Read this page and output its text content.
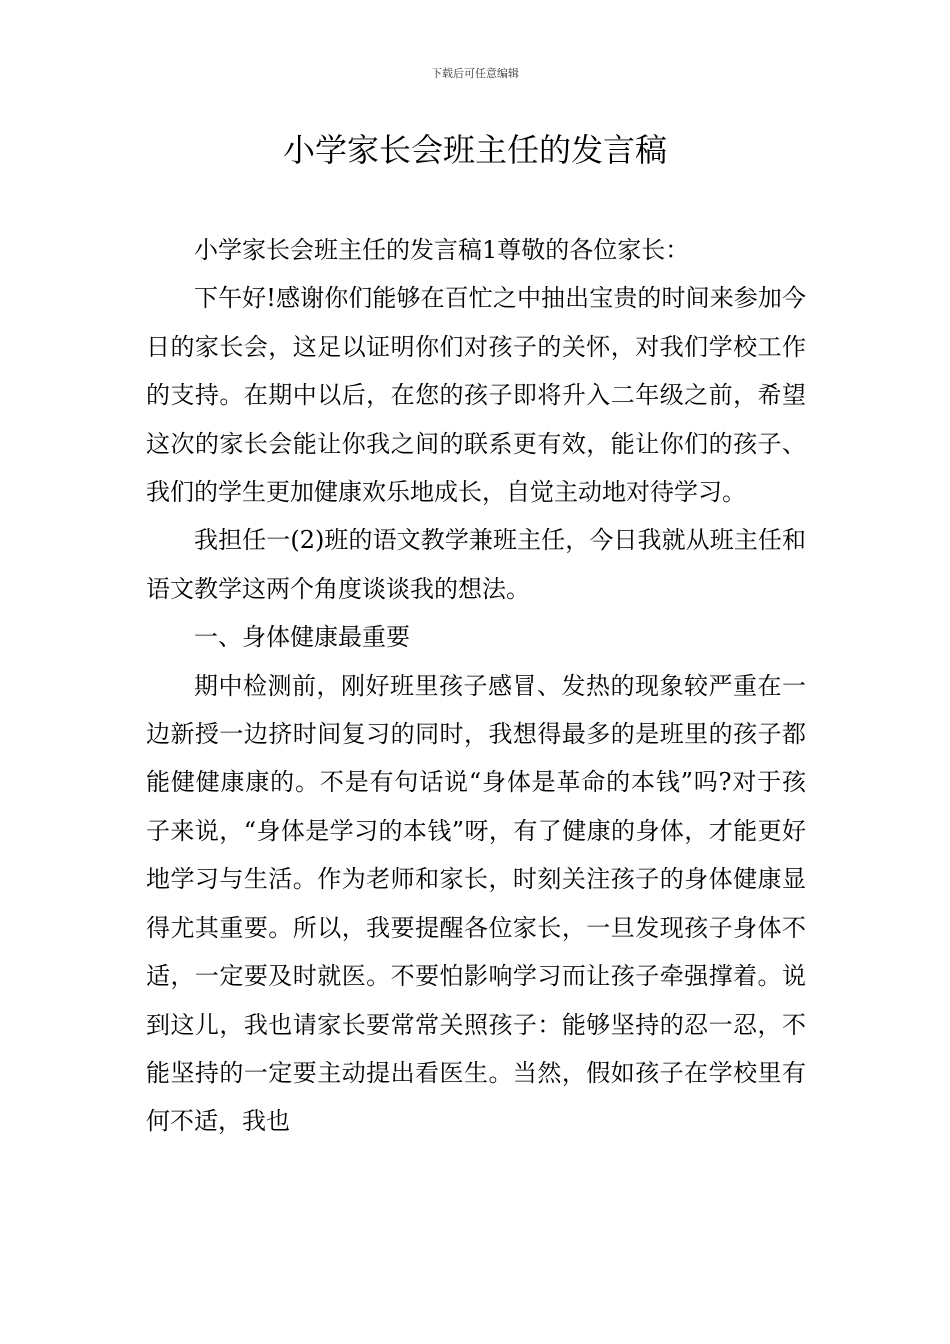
下载后可任意编辑
小学家长会班主任的发言稿

小学家长会班主任的发言稿1尊敬的各位家长：

下午好!感谢你们能够在百忙之中抽出宝贵的时间来参加今日的家长会，这足以证明你们对孩子的关怀，对我们学校工作的支持。在期中以后，在您的孩子即将升入二年级之前，希望这次的家长会能让你我之间的联系更有效，能让你们的孩子、我们的学生更加健康欢乐地成长，自觉主动地对待学习。

我担任一(2)班的语文教学兼班主任，今日我就从班主任和语文教学这两个角度谈谈我的想法。

一、身体健康最重要

期中检测前，刚好班里孩子感冒、发热的现象较严重在一边新授一边挤时间复习的同时，我想得最多的是班里的孩子都能健健康康的。不是有句话说“身体是革命的本钱”吗?对于孩子来说，“身体是学习的本钱”呀，有了健康的身体，才能更好地学习与生活。作为老师和家长，时刻关注孩子的身体健康显得尤其重要。所以，我要提醒各位家长，一旦发现孩子身体不适，一定要及时就医。不要怕影响学习而让孩子牵强撑着。说到这儿，我也请家长要常常关照孩子：能够坚持的忍一忍，不能坚持的一定要主动提出看医生。当然，假如孩子在学校里有何不适，我也
